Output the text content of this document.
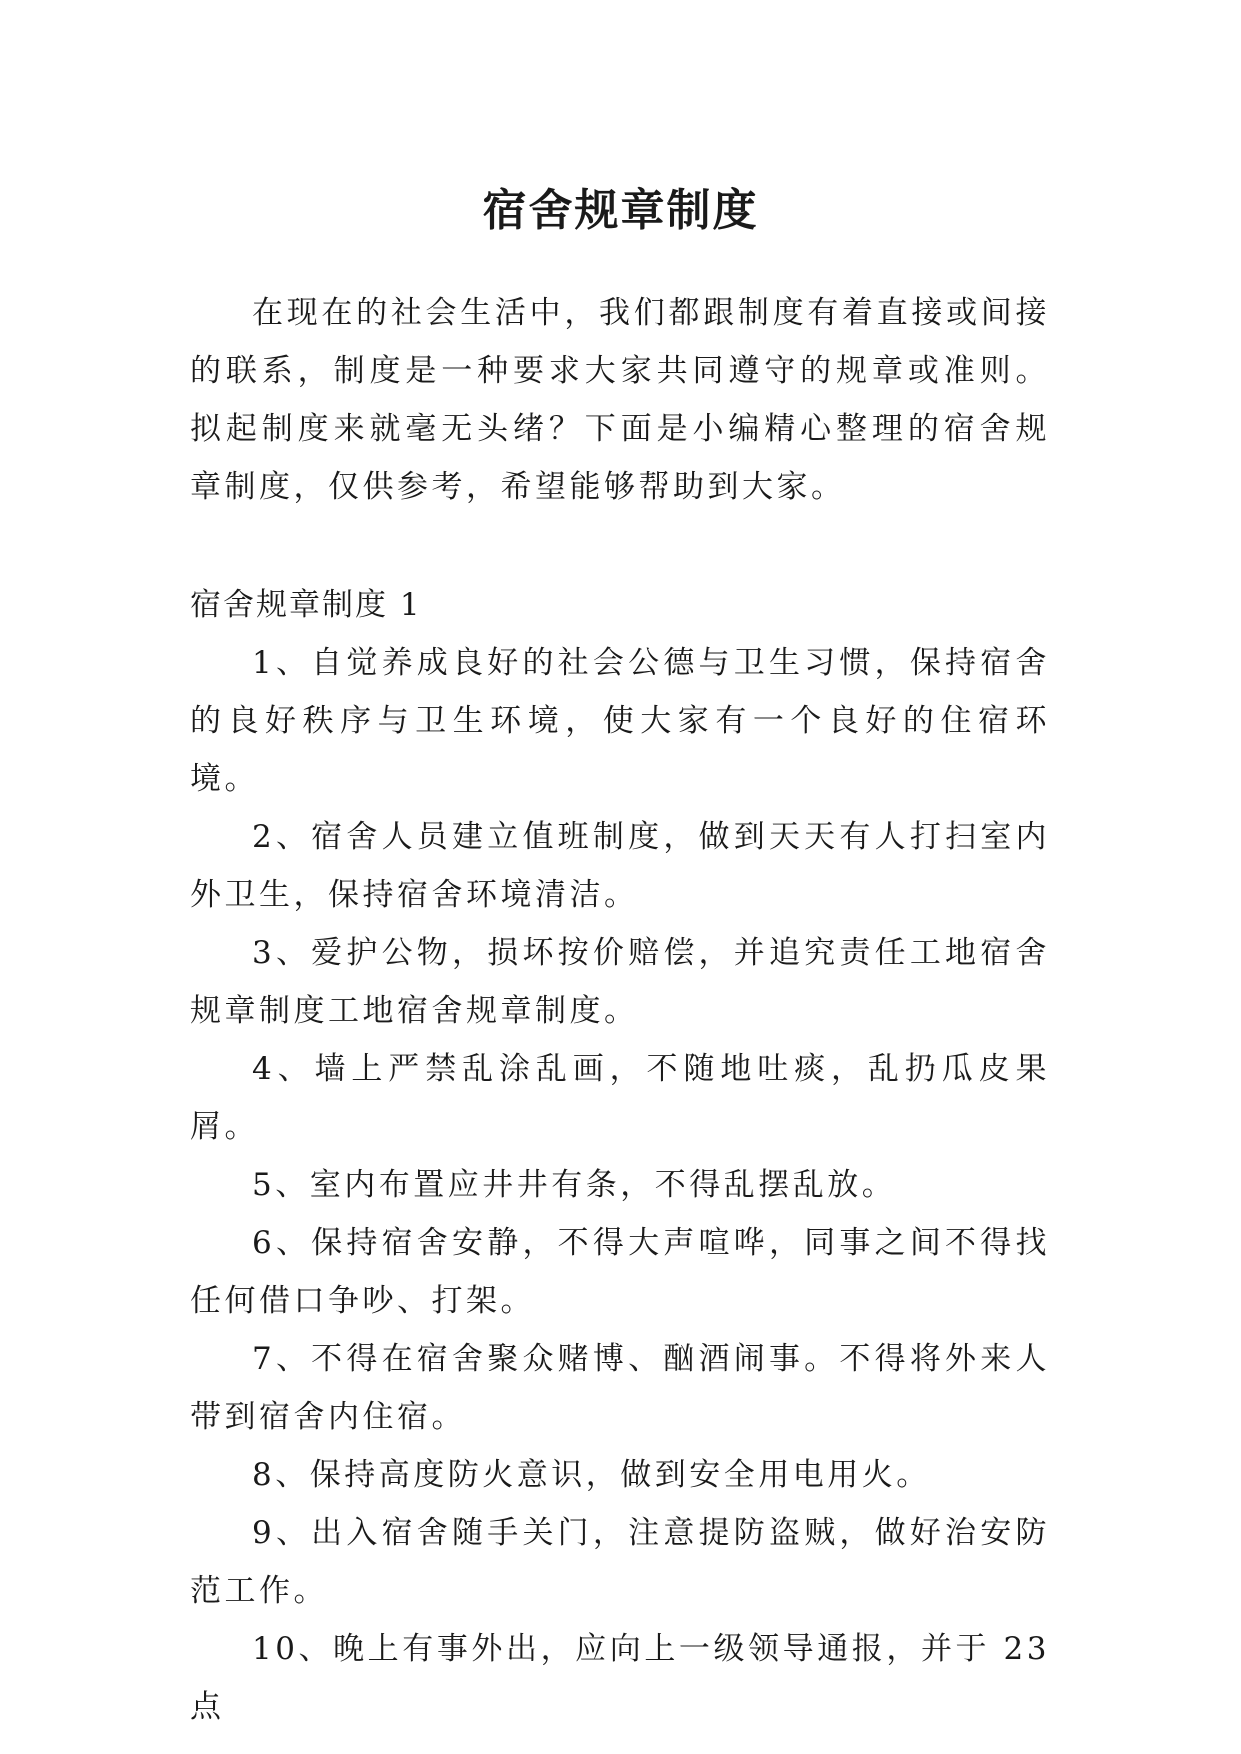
宿舍规章制度

在现在的社会生活中，我们都跟制度有着直接或间接的联系，制度是一种要求大家共同遵守的规章或准则。拟起制度来就毫无头绪？下面是小编精心整理的宿舍规章制度，仅供参考，希望能够帮助到大家。

宿舍规章制度 1

1、自觉养成良好的社会公德与卫生习惯，保持宿舍的良好秩序与卫生环境，使大家有一个良好的住宿环境。

2、宿舍人员建立值班制度，做到天天有人打扫室内外卫生，保持宿舍环境清洁。

3、爱护公物，损坏按价赔偿，并追究责任工地宿舍规章制度工地宿舍规章制度。

4、墙上严禁乱涂乱画，不随地吐痰，乱扔瓜皮果屑。

5、室内布置应井井有条，不得乱摆乱放。

6、保持宿舍安静，不得大声喧哗，同事之间不得找任何借口争吵、打架。

7、不得在宿舍聚众赌博、酗酒闹事。不得将外来人带到宿舍内住宿。

8、保持高度防火意识，做到安全用电用火。

9、出入宿舍随手关门，注意提防盗贼，做好治安防范工作。

10、晚上有事外出，应向上一级领导通报，并于 23 点
